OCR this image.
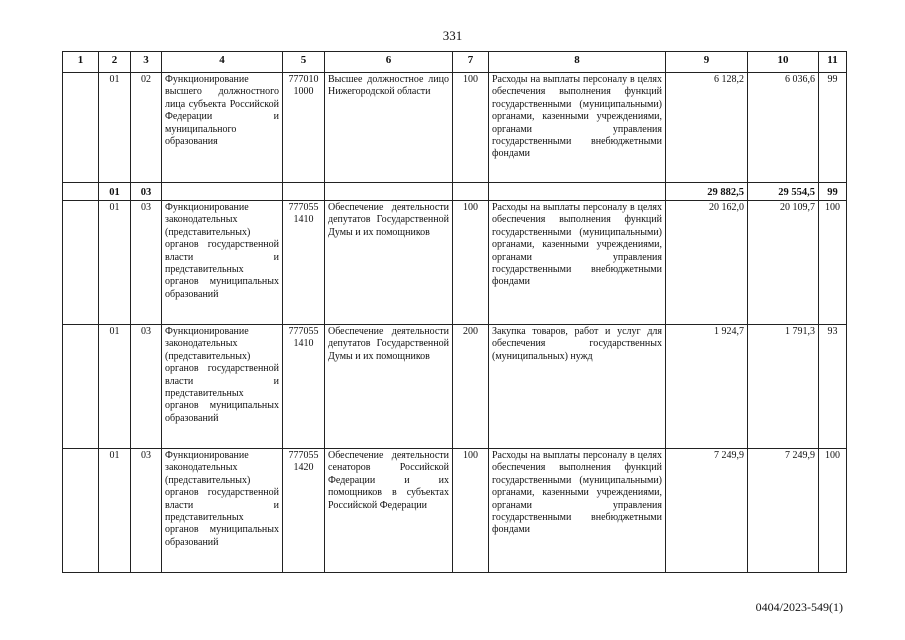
331
1	2	3	4	5	6	7	8	9	10	11
	01	02	Функционирование высшего должностного лица субъекта Российской Федерации и муниципального образования	777010 1000	Высшее должностное лицо Нижегородской области	100	Расходы на выплаты персоналу в целях обеспечения выполнения функций государственными (муниципальными) органами, казенными учреждениями, органами управления государственными внебюджетными фондами	6 128,2	6 036,6	99
	01	03						29 882,5	29 554,5	99
	01	03	Функционирование законодательных (представительных) органов государственной власти и представительных органов муниципальных образований	777055 1410	Обеспечение деятельности депутатов Государственной Думы и их помощников	100	Расходы на выплаты персоналу в целях обеспечения выполнения функций государственными (муниципальными) органами, казенными учреждениями, органами управления государственными внебюджетными фондами	20 162,0	20 109,7	100
	01	03	Функционирование законодательных (представительных) органов государственной власти и представительных органов муниципальных образований	777055 1410	Обеспечение деятельности депутатов Государственной Думы и их помощников	200	Закупка товаров, работ и услуг для обеспечения государственных (муниципальных) нужд	1 924,7	1 791,3	93
	01	03	Функционирование законодательных (представительных) органов государственной власти и представительных органов муниципальных образований	777055 1420	Обеспечение деятельности сенаторов Российской Федерации и их помощников в субъектах Российской Федерации	100	Расходы на выплаты персоналу в целях обеспечения выполнения функций государственными (муниципальными) органами, казенными учреждениями, органами управления государственными внебюджетными фондами	7 249,9	7 249,9	100
0404/2023-549(1)
